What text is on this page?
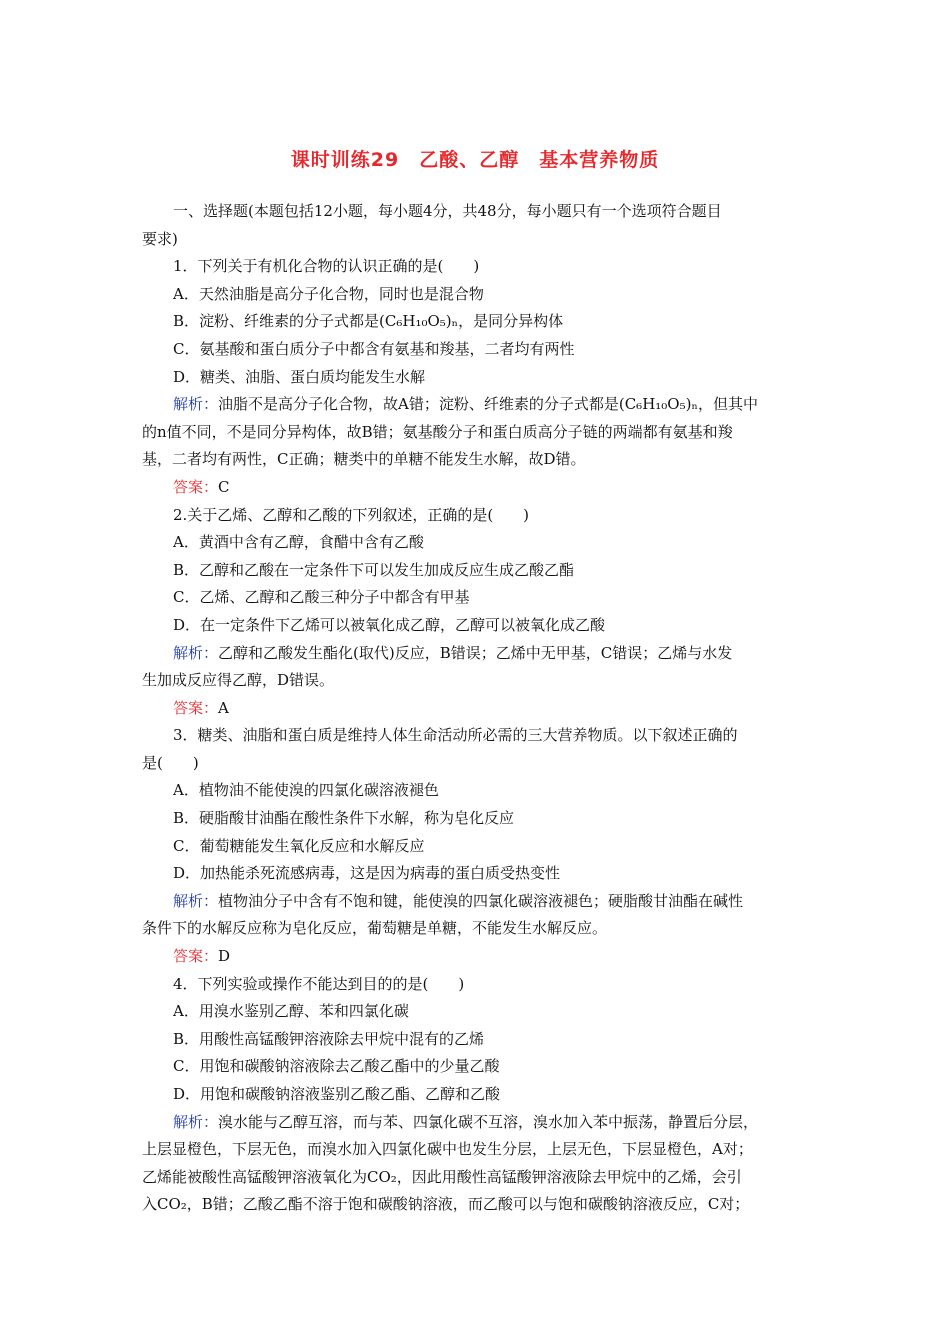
课时训练29　乙酸、乙醇　基本营养物质
一、选择题(本题包括12小题，每小题4分，共48分，每小题只有一个选项符合题目
要求)
1．下列关于有机化合物的认识正确的是(　　)
A．天然油脂是高分子化合物，同时也是混合物
B．淀粉、纤维素的分子式都是(C₆H₁₀O₅)ₙ，是同分异构体
C．氨基酸和蛋白质分子中都含有氨基和羧基，二者均有两性
D．糖类、油脂、蛋白质均能发生水解
解析：油脂不是高分子化合物，故A错；淀粉、纤维素的分子式都是(C₆H₁₀O₅)ₙ，但其中
的n值不同，不是同分异构体，故B错；氨基酸分子和蛋白质高分子链的两端都有氨基和羧
基，二者均有两性，C正确；糖类中的单糖不能发生水解，故D错。
答案：C
2.关于乙烯、乙醇和乙酸的下列叙述，正确的是(　　)
A．黄酒中含有乙醇，食醋中含有乙酸
B．乙醇和乙酸在一定条件下可以发生加成反应生成乙酸乙酯
C．乙烯、乙醇和乙酸三种分子中都含有甲基
D．在一定条件下乙烯可以被氧化成乙醇，乙醇可以被氧化成乙酸
解析：乙醇和乙酸发生酯化(取代)反应，B错误；乙烯中无甲基，C错误；乙烯与水发
生加成反应得乙醇，D错误。
答案：A
3．糖类、油脂和蛋白质是维持人体生命活动所必需的三大营养物质。以下叙述正确的
是(　　)
A．植物油不能使溴的四氯化碳溶液褪色
B．硬脂酸甘油酯在酸性条件下水解，称为皂化反应
C．葡萄糖能发生氧化反应和水解反应
D．加热能杀死流感病毒，这是因为病毒的蛋白质受热变性
解析：植物油分子中含有不饱和键，能使溴的四氯化碳溶液褪色；硬脂酸甘油酯在碱性
条件下的水解反应称为皂化反应，葡萄糖是单糖，不能发生水解反应。
答案：D
4．下列实验或操作不能达到目的的是(　　)
A．用溴水鉴别乙醇、苯和四氯化碳
B．用酸性高锰酸钾溶液除去甲烷中混有的乙烯
C．用饱和碳酸钠溶液除去乙酸乙酯中的少量乙酸
D．用饱和碳酸钠溶液鉴别乙酸乙酯、乙醇和乙酸
解析：溴水能与乙醇互溶，而与苯、四氯化碳不互溶，溴水加入苯中振荡，静置后分层，
上层显橙色，下层无色，而溴水加入四氯化碳中也发生分层，上层无色，下层显橙色，A对；
乙烯能被酸性高锰酸钾溶液氧化为CO₂，因此用酸性高锰酸钾溶液除去甲烷中的乙烯，会引
入CO₂，B错；乙酸乙酯不溶于饱和碳酸钠溶液，而乙酸可以与饱和碳酸钠溶液反应，C对；
